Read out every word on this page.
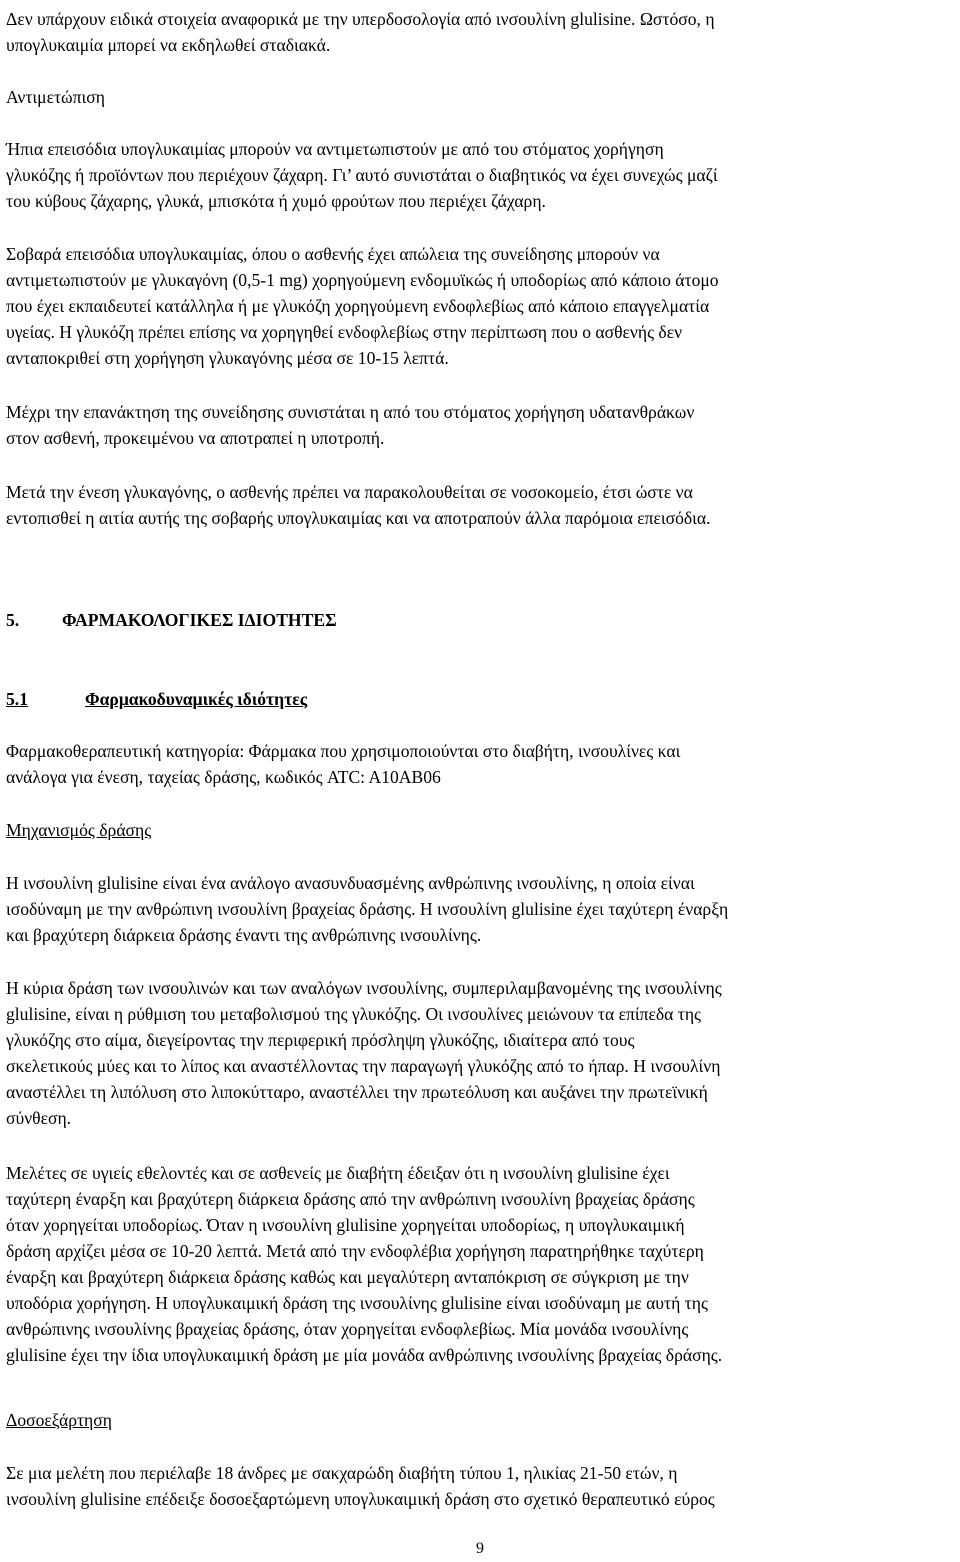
Δεν υπάρχουν ειδικά στοιχεία αναφορικά με την υπερδοσολογία από ινσουλίνη glulisine. Ωστόσο, η
υπογλυκαιμία μπορεί να εκδηλωθεί σταδιακά.
Αντιμετώπιση
Ήπια επεισόδια υπογλυκαιμίας μπορούν να αντιμετωπιστούν με από του στόματος χορήγηση
γλυκόζης ή προϊόντων που περιέχουν ζάχαρη. Γι’ αυτό συνιστάται ο διαβητικός να έχει συνεχώς μαζί
του κύβους ζάχαρης, γλυκά, μπισκότα ή χυμό φρούτων που περιέχει ζάχαρη.
Σοβαρά επεισόδια υπογλυκαιμίας, όπου ο ασθενής έχει απώλεια της συνείδησης μπορούν να
αντιμετωπιστούν με γλυκαγόνη (0,5-1 mg) χορηγούμενη ενδομυϊκώς ή υποδορίως από κάποιο άτομο
που έχει εκπαιδευτεί κατάλληλα ή με γλυκόζη χορηγούμενη ενδοφλεβίως από κάποιο επαγγελματία
υγείας. Η γλυκόζη πρέπει επίσης να χορηγηθεί ενδοφλεβίως στην περίπτωση που ο ασθενής δεν
ανταποκριθεί στη χορήγηση γλυκαγόνης μέσα σε 10-15 λεπτά.
Μέχρι την επανάκτηση της συνείδησης συνιστάται η από του στόματος χορήγηση υδατανθράκων
στον ασθενή, προκειμένου να αποτραπεί η υποτροπή.
Μετά την ένεση γλυκαγόνης, ο ασθενής πρέπει να παρακολουθείται σε νοσοκομείο, έτσι ώστε να
εντοπισθεί η αιτία αυτής της σοβαρής υπογλυκαιμίας και να αποτραπούν άλλα παρόμοια επεισόδια.
5. ΦΑΡΜΑΚΟΛΟΓΙΚΕΣ ΙΔΙΟΤΗΤΕΣ
5.1	Φαρμακοδυναμικές ιδιότητες
Φαρμακοθεραπευτική κατηγορία: Φάρμακα που χρησιμοποιούνται στο διαβήτη, ινσουλίνες και
ανάλογα για ένεση, ταχείας δράσης, κωδικός ATC: A10AB06
Μηχανισμός δράσης
Η ινσουλίνη glulisine είναι ένα ανάλογο ανασυνδυασμένης ανθρώπινης ινσουλίνης, η οποία είναι
ισοδύναμη με την ανθρώπινη ινσουλίνη βραχείας δράσης. Η ινσουλίνη glulisine έχει ταχύτερη έναρξη
και βραχύτερη διάρκεια δράσης έναντι της ανθρώπινης ινσουλίνης.
Η κύρια δράση των ινσουλινών και των αναλόγων ινσουλίνης, συμπεριλαμβανομένης της ινσουλίνης
glulisine, είναι η ρύθμιση του μεταβολισμού της γλυκόζης. Οι ινσουλίνες μειώνουν τα επίπεδα της
γλυκόζης στο αίμα, διεγείροντας την περιφερική πρόσληψη γλυκόζης, ιδιαίτερα από τους
σκελετικούς μύες και το λίπος και αναστέλλοντας την παραγωγή γλυκόζης από το ήπαρ. Η ινσουλίνη
αναστέλλει τη λιπόλυση στο λιποκύτταρο, αναστέλλει την πρωτεόλυση και αυξάνει την πρωτεϊνική
σύνθεση.
Μελέτες σε υγιείς εθελοντές και σε ασθενείς με διαβήτη έδειξαν ότι η ινσουλίνη glulisine έχει
ταχύτερη έναρξη και βραχύτερη διάρκεια δράσης από την ανθρώπινη ινσουλίνη βραχείας δράσης
όταν χορηγείται υποδορίως. Όταν η ινσουλίνη glulisine χορηγείται υποδορίως, η υπογλυκαιμική
δράση αρχίζει μέσα σε 10-20 λεπτά. Μετά από την ενδοφλέβια χορήγηση παρατηρήθηκε ταχύτερη
έναρξη και βραχύτερη διάρκεια δράσης καθώς και μεγαλύτερη ανταπόκριση σε σύγκριση με την
υποδόρια χορήγηση. Η υπογλυκαιμική δράση της ινσουλίνης glulisine είναι ισοδύναμη με αυτή της
ανθρώπινης ινσουλίνης βραχείας δράσης, όταν χορηγείται ενδοφλεβίως. Μία μονάδα ινσουλίνης
glulisine έχει την ίδια υπογλυκαιμική δράση με μία μονάδα ανθρώπινης ινσουλίνης βραχείας δράσης.
Δοσοεξάρτηση
Σε μια μελέτη που περιέλαβε 18 άνδρες με σακχαρώδη διαβήτη τύπου 1, ηλικίας 21-50 ετών, η
ινσουλίνη glulisine επέδειξε δοσοεξαρτώμενη υπογλυκαιμική δράση στο σχετικό θεραπευτικό εύρος
9
